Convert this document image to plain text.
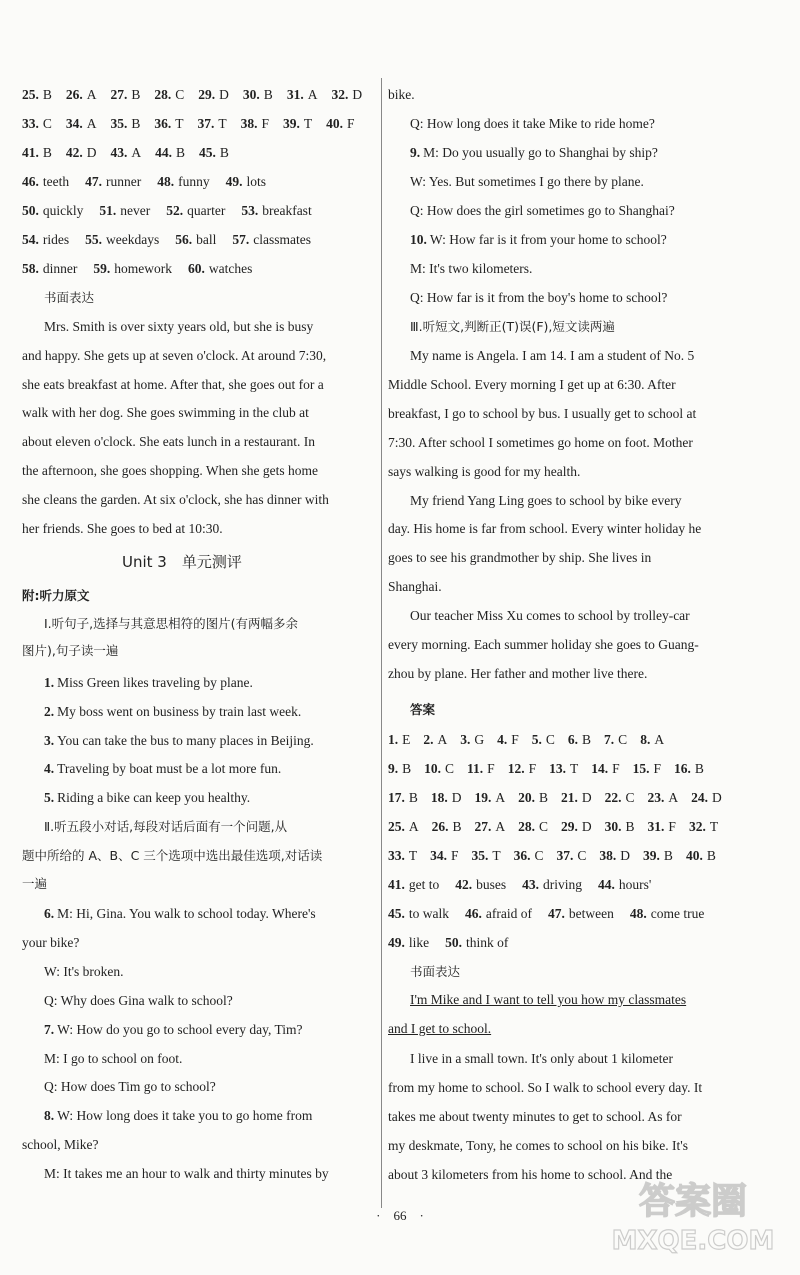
25. B 26. A 27. B 28. C 29. D 30. B 31. A 32. D
33. C 34. A 35. B 36. T 37. T 38. F 39. T 40. F
41. B 42. D 43. A 44. B 45. B
46. teeth 47. runner 48. funny 49. lots
50. quickly 51. never 52. quarter 53. breakfast
54. rides 55. weekdays 56. ball 57. classmates
58. dinner 59. homework 60. watches
书面表达
Mrs. Smith is over sixty years old, but she is busy
and happy. She gets up at seven o'clock. At around 7:30,
she eats breakfast at home. After that, she goes out for a
walk with her dog. She goes swimming in the club at
about eleven o'clock. She eats lunch in a restaurant. In
the afternoon, she goes shopping. When she gets home
she cleans the garden. At six o'clock, she has dinner with
her friends. She goes to bed at 10:30.
Unit 3　单元测评
附:听力原文
Ⅰ.听句子,选择与其意思相符的图片(有两幅多余
图片),句子读一遍
1. Miss Green likes traveling by plane.
2. My boss went on business by train last week.
3. You can take the bus to many places in Beijing.
4. Traveling by boat must be a lot more fun.
5. Riding a bike can keep you healthy.
Ⅱ.听五段小对话,每段对话后面有一个问题,从
题中所给的 A、B、C 三个选项中选出最佳选项,对话读
一遍
6. M: Hi, Gina. You walk to school today. Where's
your bike?
W: It's broken.
Q: Why does Gina walk to school?
7. W: How do you go to school every day, Tim?
M: I go to school on foot.
Q: How does Tim go to school?
8. W: How long does it take you to go home from
school, Mike?
M: It takes me an hour to walk and thirty minutes by
bike.
Q: How long does it take Mike to ride home?
9. M: Do you usually go to Shanghai by ship?
W: Yes. But sometimes I go there by plane.
Q: How does the girl sometimes go to Shanghai?
10. W: How far is it from your home to school?
M: It's two kilometers.
Q: How far is it from the boy's home to school?
Ⅲ.听短文,判断正(T)误(F),短文读两遍
My name is Angela. I am 14. I am a student of No. 5
Middle School. Every morning I get up at 6:30. After
breakfast, I go to school by bus. I usually get to school at
7:30. After school I sometimes go home on foot. Mother
says walking is good for my health.
My friend Yang Ling goes to school by bike every
day. His home is far from school. Every winter holiday he
goes to see his grandmother by ship. She lives in
Shanghai.
Our teacher Miss Xu comes to school by trolley-car
every morning. Each summer holiday she goes to Guang-
zhou by plane. Her father and mother live there.
答案
1. E 2. A 3. G 4. F 5. C 6. B 7. C 8. A
9. B 10. C 11. F 12. F 13. T 14. F 15. F 16. B
17. B 18. D 19. A 20. B 21. D 22. C 23. A 24. D
25. A 26. B 27. A 28. C 29. D 30. B 31. F 32. T
33. T 34. F 35. T 36. C 37. C 38. D 39. B 40. B
41. get to 42. buses 43. driving 44. hours'
45. to walk 46. afraid of 47. between 48. come true
49. like 50. think of
书面表达
I'm Mike and I want to tell you how my classmates
and I get to school.
I live in a small town. It's only about 1 kilometer
from my home to school. So I walk to school every day. It
takes me about twenty minutes to get to school. As for
my deskmate, Tony, he comes to school on his bike. It's
about 3 kilometers from his home to school. And the
·　66　·	答案圈
MXQE.COM
